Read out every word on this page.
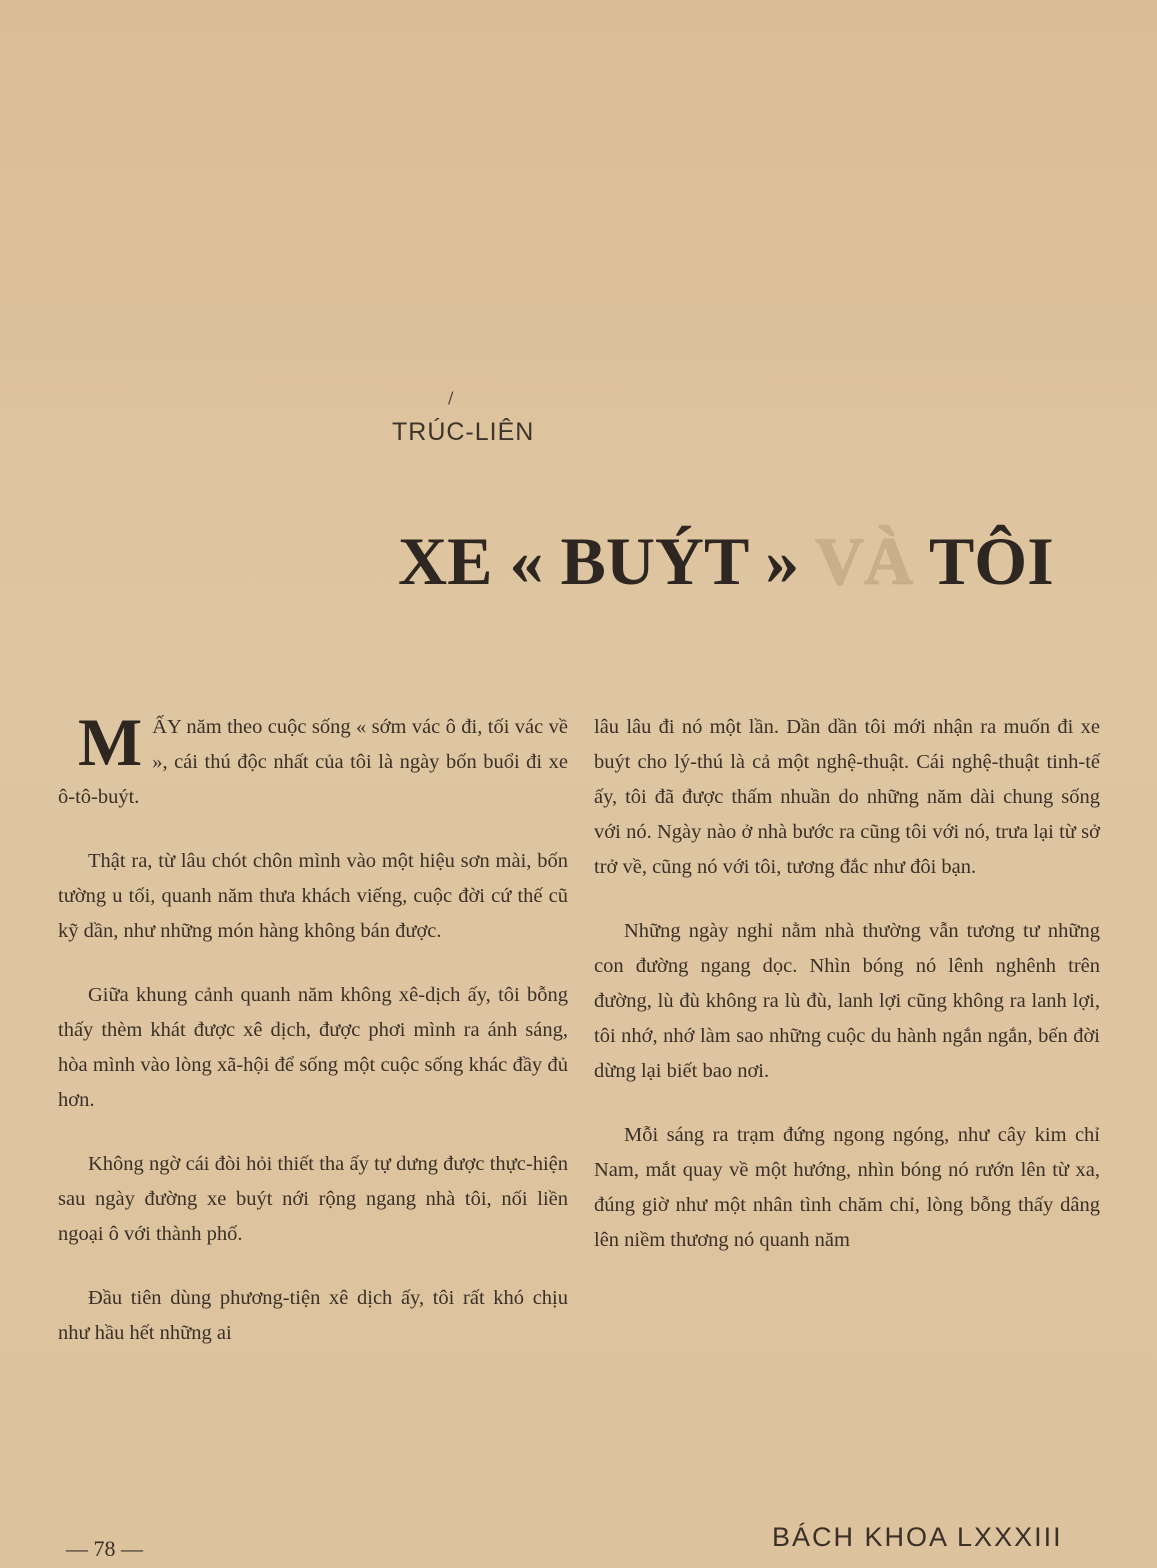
/
TRÚC-LIÊN
XE « BUÝT » VÀ TÔI

MẤY năm theo cuộc sống « sớm vác ô đi, tối vác về », cái thú độc nhất của tôi là ngày bốn buổi đi xe ô-tô-buýt.

Thật ra, từ lâu chót chôn mình vào một hiệu sơn mài, bốn tường u tối, quanh năm thưa khách viếng, cuộc đời cứ thế cũ kỹ dần, như những món hàng không bán được.

Giữa khung cảnh quanh năm không xê-dịch ấy, tôi bỗng thấy thèm khát được xê dịch, được phơi mình ra ánh sáng, hòa mình vào lòng xã-hội để sống một cuộc sống khác đầy đủ hơn.

Không ngờ cái đòi hỏi thiết tha ấy tự dưng được thực-hiện sau ngày đường xe buýt nới rộng ngang nhà tôi, nối liền ngoại ô với thành phố.

Đầu tiên dùng phương-tiện xê dịch ấy, tôi rất khó chịu như hầu hết những ai

lâu lâu đi nó một lần. Dần dần tôi mới nhận ra muốn đi xe buýt cho lý-thú là cả một nghệ-thuật. Cái nghệ-thuật tinh-tế ấy, tôi đã được thấm nhuần do những năm dài chung sống với nó. Ngày nào ở nhà bước ra cũng tôi với nó, trưa lại từ sở trở về, cũng nó với tôi, tương đắc như đôi bạn.

Những ngày nghỉ nằm nhà thường vẫn tương tư những con đường ngang dọc. Nhìn bóng nó lênh nghênh trên đường, lù đù không ra lù đù, lanh lợi cũng không ra lanh lợi, tôi nhớ, nhớ làm sao những cuộc du hành ngắn ngắn, bến đời dừng lại biết bao nơi.

Mỗi sáng ra trạm đứng ngong ngóng, như cây kim chỉ Nam, mắt quay về một hướng, nhìn bóng nó rướn lên từ xa, đúng giờ như một nhân tình chăm chỉ, lòng bỗng thấy dâng lên niềm thương nó quanh năm

— 78 —	BÁCH KHOA LXXXIII
